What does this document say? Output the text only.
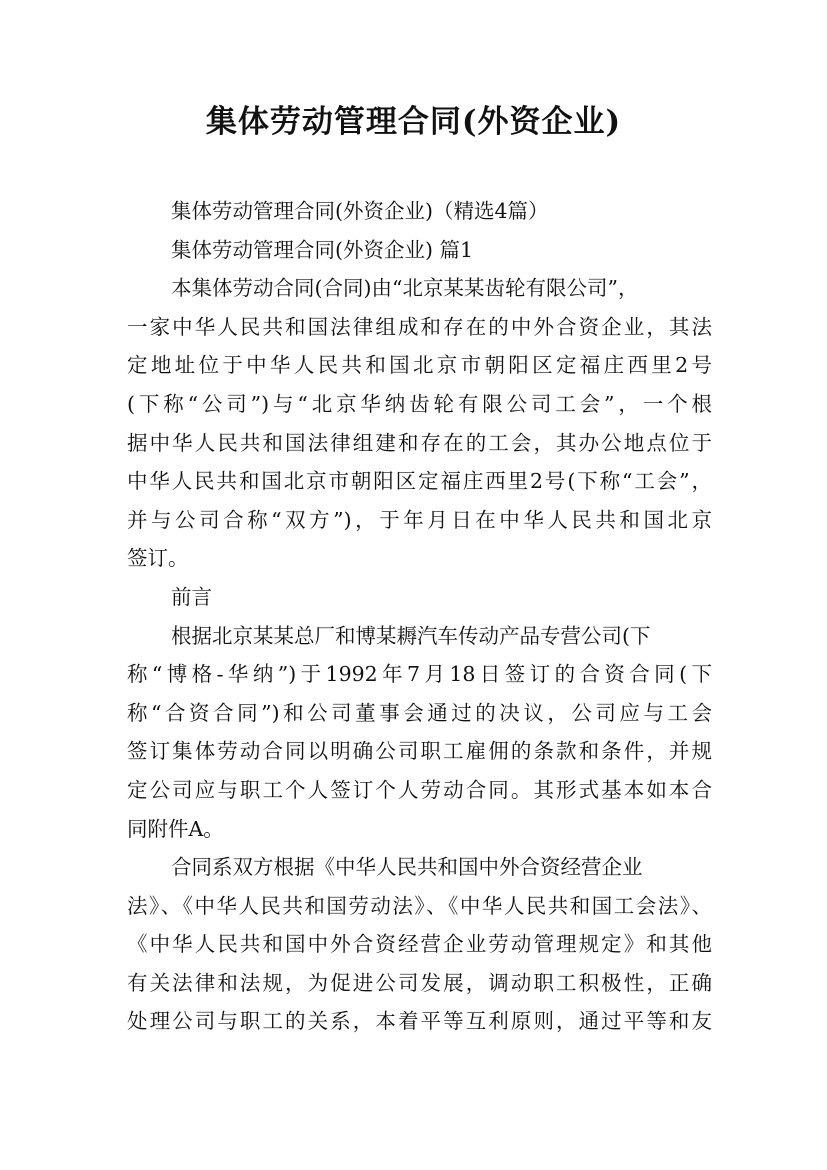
集体劳动管理合同(外资企业)
集体劳动管理合同(外资企业)（精选4篇）
集体劳动管理合同(外资企业) 篇1
本集体劳动合同(合同)由“北京某某齿轮有限公司”，
一家中华人民共和国法律组成和存在的中外合资企业，其法
定地址位于中华人民共和国北京市朝阳区定福庄西里2号
(下称“公司”)与“北京华纳齿轮有限公司工会”，一个根
据中华人民共和国法律组建和存在的工会，其办公地点位于
中华人民共和国北京市朝阳区定福庄西里2号(下称“工会”，
并与公司合称“双方”)，于年月日在中华人民共和国北京
签订。
前言
根据北京某某总厂和博某耨汽车传动产品专营公司(下
称“博格-华纳”)于1992年7月18日签订的合资合同(下
称“合资合同”)和公司董事会通过的决议，公司应与工会
签订集体劳动合同以明确公司职工雇佣的条款和条件，并规
定公司应与职工个人签订个人劳动合同。其形式基本如本合
同附件A。
合同系双方根据《中华人民共和国中外合资经营企业
法》、《中华人民共和国劳动法》、《中华人民共和国工会法》、
《中华人民共和国中外合资经营企业劳动管理规定》和其他
有关法律和法规，为促进公司发展，调动职工积极性，正确
处理公司与职工的关系，本着平等互利原则，通过平等和友
